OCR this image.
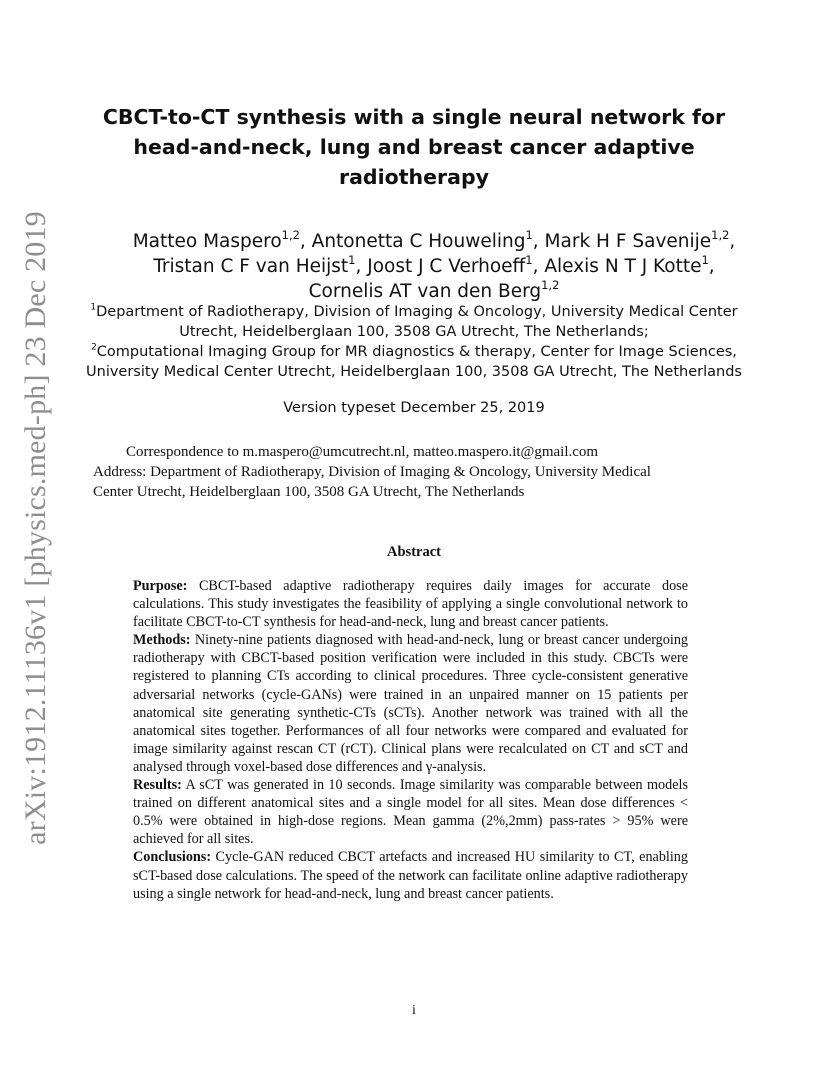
arXiv:1912.11136v1 [physics.med-ph] 23 Dec 2019
CBCT-to-CT synthesis with a single neural network for
head-and-neck, lung and breast cancer adaptive
radiotherapy
Matteo Maspero$^{1,2}$, Antonetta C Houweling$^1$, Mark H F Savenije$^{1,2}$,
Tristan C F van Heijst$^1$, Joost J C Verhoeff$^1$, Alexis N T J Kotte$^1$,
Cornelis AT van den Berg$^{1,2}$
$^1$Department of Radiotherapy, Division of Imaging & Oncology, University Medical Center
Utrecht, Heidelberglaan 100, 3508 GA Utrecht, The Netherlands;
$^2$Computational Imaging Group for MR diagnostics & therapy, Center for Image Sciences,
University Medical Center Utrecht, Heidelberglaan 100, 3508 GA Utrecht, The Netherlands
Version typeset December 25, 2019
Correspondence to m.maspero@umcutrecht.nl, matteo.maspero.it@gmail.com
Address: Department of Radiotherapy, Division of Imaging & Oncology, University Medical
Center Utrecht, Heidelberglaan 100, 3508 GA Utrecht, The Netherlands
Abstract

Purpose: CBCT-based adaptive radiotherapy requires daily images for accurate dose calculations. This study investigates the feasibility of applying a single convolutional network to facilitate CBCT-to-CT synthesis for head-and-neck, lung and breast cancer patients.

Methods: Ninety-nine patients diagnosed with head-and-neck, lung or breast cancer undergoing radiotherapy with CBCT-based position verification were included in this study. CBCTs were registered to planning CTs according to clinical procedures. Three cycle-consistent generative adversarial networks (cycle-GANs) were trained in an unpaired manner on 15 patients per anatomical site generating synthetic-CTs (sCTs). Another network was trained with all the anatomical sites together. Performances of all four networks were compared and evaluated for image similarity against rescan CT (rCT). Clinical plans were recalculated on CT and sCT and analysed through voxel-based dose differences and γ-analysis.

Results: A sCT was generated in 10 seconds. Image similarity was comparable between models trained on different anatomical sites and a single model for all sites. Mean dose differences < 0.5% were obtained in high-dose regions. Mean gamma (2%,2mm) pass-rates > 95% were achieved for all sites.

Conclusions: Cycle-GAN reduced CBCT artefacts and increased HU similarity to CT, enabling sCT-based dose calculations. The speed of the network can facilitate online adaptive radiotherapy using a single network for head-and-neck, lung and breast cancer patients.

i
